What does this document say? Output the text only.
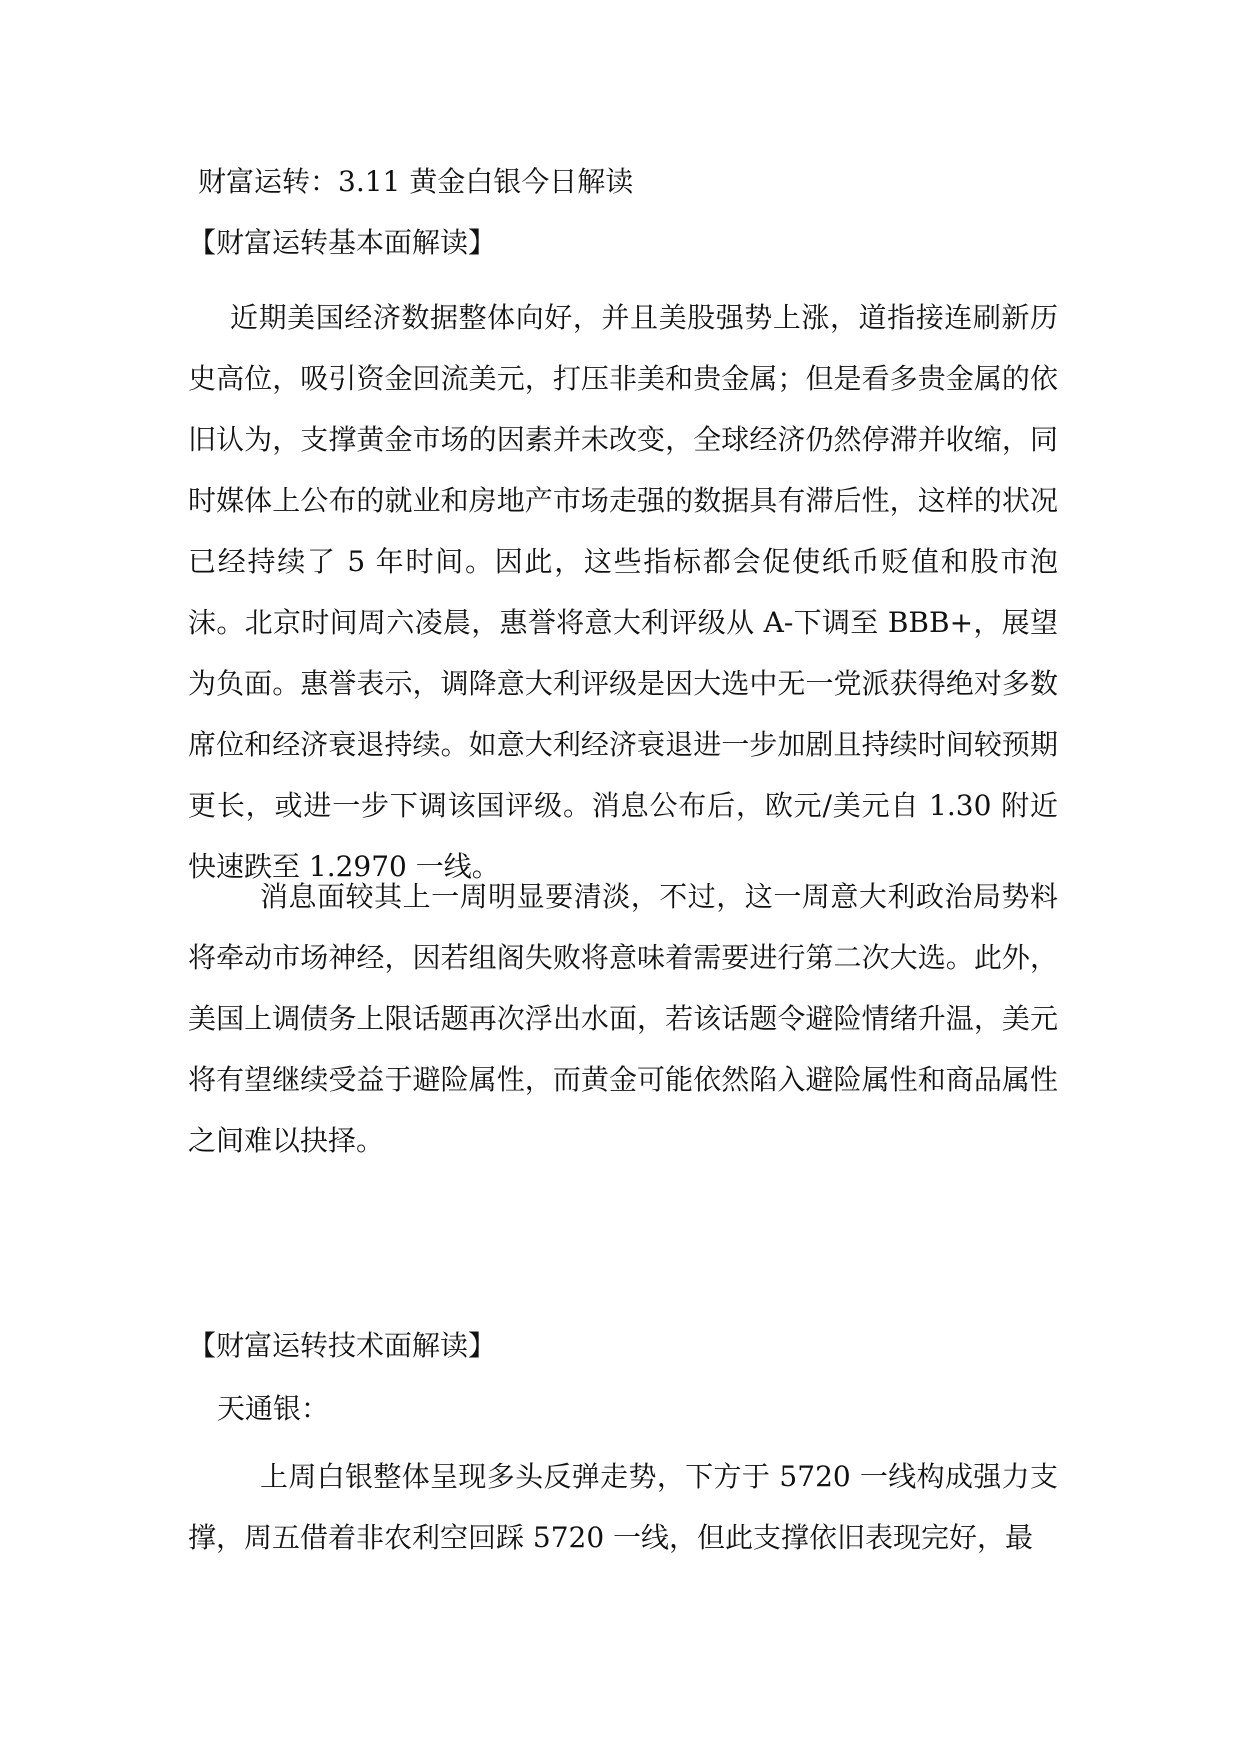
财富运转：3.11 黄金白银今日解读
【财富运转基本面解读】

近期美国经济数据整体向好，并且美股强势上涨，道指接连刷新历史高位，吸引资金回流美元，打压非美和贵金属；但是看多贵金属的依旧认为，支撑黄金市场的因素并未改变，全球经济仍然停滞并收缩，同时媒体上公布的就业和房地产市场走强的数据具有滞后性，这样的状况已经持续了 5 年时间。因此，这些指标都会促使纸币贬值和股市泡沫。北京时间周六凌晨，惠誉将意大利评级从 A-下调至 BBB+，展望为负面。惠誉表示，调降意大利评级是因大选中无一党派获得绝对多数席位和经济衰退持续。如意大利经济衰退进一步加剧且持续时间较预期更长，或进一步下调该国评级。消息公布后，欧元/美元自 1.30 附近快速跌至 1.2970 一线。

消息面较其上一周明显要清淡，不过，这一周意大利政治局势料将牵动市场神经，因若组阁失败将意味着需要进行第二次大选。此外，美国上调债务上限话题再次浮出水面，若该话题令避险情绪升温，美元将有望继续受益于避险属性，而黄金可能依然陷入避险属性和商品属性之间难以抉择。

【财富运转技术面解读】
天通银：

上周白银整体呈现多头反弹走势，下方于 5720 一线构成强力支撑，周五借着非农利空回踩 5720 一线，但此支撑依旧表现完好，最
